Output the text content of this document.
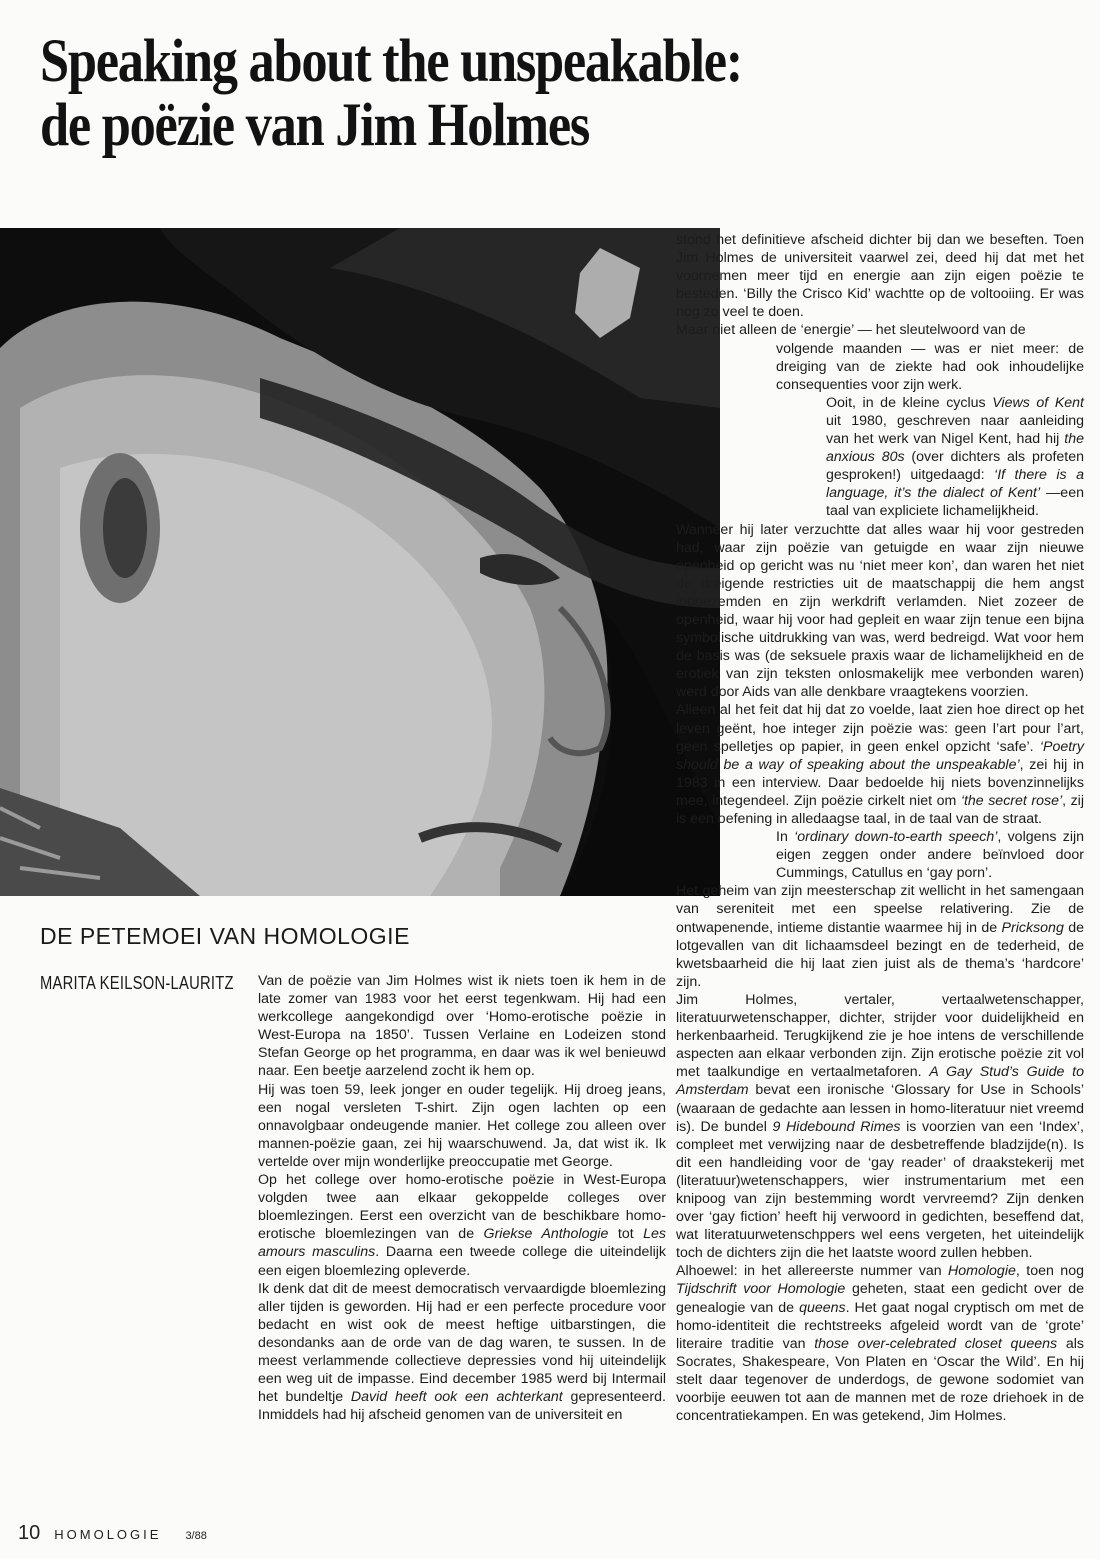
Speaking about the unspeakable:
de poëzie van Jim Holmes

stond het definitieve afscheid dichter bij dan we beseften. Toen Jim Holmes de universiteit vaarwel zei, deed hij dat met het voornemen meer tijd en energie aan zijn eigen poëzie te besteden. ‘Billy the Crisco Kid’ wachtte op de voltooiing. Er was nog zo veel te doen.

Maar niet alleen de ‘energie’ — het sleutelwoord van de
volgende maanden — was er niet meer: de dreiging van de ziekte had ook inhoudelijke consequenties voor zijn werk.

Ooit, in de kleine cyclus Views of Kent uit 1980, geschreven naar aanleiding van het werk van Nigel Kent, had hij the anxious 80s (over dichters als profeten gesproken!) uitgedaagd: ‘If there is a language, it’s the dialect of Kent’ —een taal van expliciete lichamelijkheid.

Wanneer hij later verzuchtte dat alles waar hij voor gestreden had, waar zijn poëzie van getuigde en waar zijn nieuwe openheid op gericht was nu ‘niet meer kon’, dan waren het niet de dreigende restricties uit de maatschappij die hem angst inboezemden en zijn werkdrift verlamden. Niet zozeer de openheid, waar hij voor had gepleit en waar zijn tenue een bijna symbolische uitdrukking van was, werd bedreigd. Wat voor hem de basis was (de seksuele praxis waar de lichamelijkheid en de erotiek van zijn teksten onlosmakelijk mee verbonden waren) werd door Aids van alle denkbare vraagtekens voorzien.

Alleen al het feit dat hij dat zo voelde, laat zien hoe direct op het leven geënt, hoe integer zijn poëzie was: geen l’art pour l’art, geen spelletjes op papier, in geen enkel opzicht ‘safe’. ‘Poetry should be a way of speaking about the unspeakable’, zei hij in 1983 in een interview. Daar bedoelde hij niets bovenzinnelijks mee, integendeel. Zijn poëzie cirkelt niet om ‘the secret rose’, zij is een oefening in alledaagse taal, in de taal van de straat.

In ‘ordinary down-to-earth speech’, volgens zijn eigen zeggen onder andere beïnvloed door Cummings, Catullus en ‘gay porn’.

Het geheim van zijn meesterschap zit wellicht in het samengaan van sereniteit met een speelse relativering. Zie de ontwapenende, intieme distantie waarmee hij in de Pricksong de lotgevallen van dit lichaamsdeel bezingt en de tederheid, de kwetsbaarheid die hij laat zien juist als de thema’s ‘hardcore’ zijn.

Jim Holmes, vertaler, vertaalwetenschapper, literatuurwetenschapper, dichter, strijder voor duidelijkheid en herkenbaarheid. Terugkijkend zie je hoe intens de verschillende aspecten aan elkaar verbonden zijn. Zijn erotische poëzie zit vol met taalkundige en vertaalmetaforen. A Gay Stud’s Guide to Amsterdam bevat een ironische ‘Glossary for Use in Schools’ (waaraan de gedachte aan lessen in homo-literatuur niet vreemd is). De bundel 9 Hidebound Rimes is voorzien van een ‘Index’, compleet met verwijzing naar de desbetreffende bladzijde(n). Is dit een handleiding voor de ‘gay reader’ of draakstekerij met (literatuur)wetenschappers, wier instrumentarium met een knipoog van zijn bestemming wordt vervreemd? Zijn denken over ‘gay fiction’ heeft hij verwoord in gedichten, beseffend dat, wat literatuurwetenschppers wel eens vergeten, het uiteindelijk toch de dichters zijn die het laatste woord zullen hebben.

Alhoewel: in het allereerste nummer van Homologie, toen nog Tijdschrift voor Homologie geheten, staat een gedicht over de genealogie van de queens. Het gaat nogal cryptisch om met de homo-identiteit die rechtstreeks afgeleid wordt van de ‘grote’ literaire traditie van those over-celebrated closet queens als Socrates, Shakespeare, Von Platen en ‘Oscar the Wild’. En hij stelt daar tegenover de underdogs, de gewone sodomiet van voorbije eeuwen tot aan de mannen met de roze driehoek in de concentratiekampen. En was getekend, Jim Holmes.

DE PETEMOEI VAN HOMOLOGIE
MARITA KEILSON-LAURITZ Van de poëzie van Jim Holmes wist ik niets toen ik hem in de late zomer van 1983 voor het eerst tegenkwam. Hij had een werkcollege aangekondigd over ‘Homo-erotische poëzie in West-Europa na 1850’. Tussen Verlaine en Lodeizen stond Stefan George op het programma, en daar was ik wel benieuwd naar. Een beetje aarzelend zocht ik hem op.

Hij was toen 59, leek jonger en ouder tegelijk. Hij droeg jeans, een nogal versleten T-shirt. Zijn ogen lachten op een onnavolgbaar ondeugende manier. Het college zou alleen over mannen-poëzie gaan, zei hij waarschuwend. Ja, dat wist ik. Ik vertelde over mijn wonderlijke preoccupatie met George.

Op het college over homo-erotische poëzie in West-Europa volgden twee aan elkaar gekoppelde colleges over bloemlezingen. Eerst een overzicht van de beschikbare homo-erotische bloemlezingen van de Griekse Anthologie tot Les amours masculins. Daarna een tweede college die uiteindelijk een eigen bloemlezing opleverde.

Ik denk dat dit de meest democratisch vervaardigde bloemlezing aller tijden is geworden. Hij had er een perfecte procedure voor bedacht en wist ook de meest heftige uitbarstingen, die desondanks aan de orde van de dag waren, te sussen. In de meest verlammende collectieve depressies vond hij uiteindelijk een weg uit de impasse. Eind december 1985 werd bij Intermail het bundeltje David heeft ook een achterkant gepresenteerd. Inmiddels had hij afscheid genomen van de universiteit en

10 HOMOLOGIE 3/88
